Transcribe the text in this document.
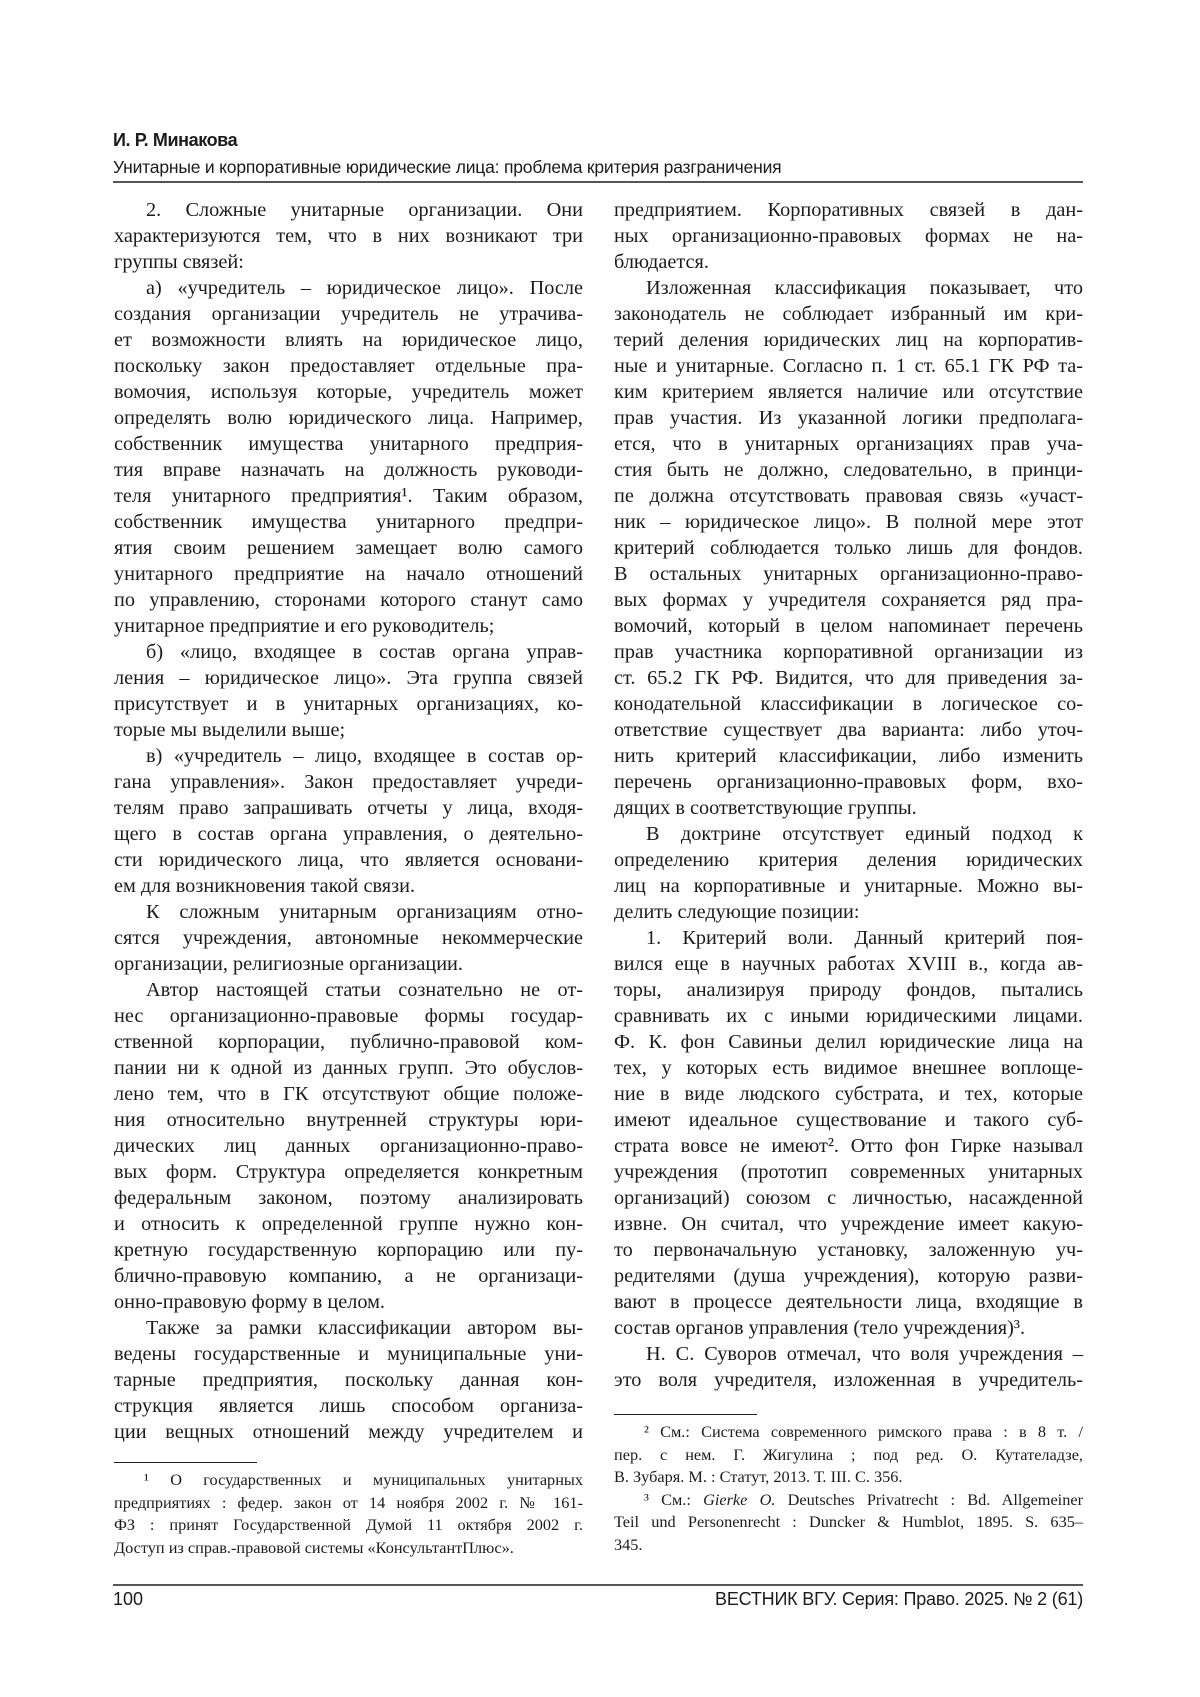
И. Р. Минакова
Унитарные и корпоративные юридические лица: проблема критерия разграничения
2. Сложные унитарные организации. Они
характеризуются тем, что в них возникают три
группы связей:
а) «учредитель – юридическое лицо». После
создания организации учредитель не утрачива-
ет возможности влиять на юридическое лицо,
поскольку закон предоставляет отдельные пра-
вомочия, используя которые, учредитель может
определять волю юридического лица. Например,
собственник имущества унитарного предприя-
тия вправе назначать на должность руководи-
теля унитарного предприятия¹. Таким образом,
собственник имущества унитарного предпри-
ятия своим решением замещает волю самого
унитарного предприятие на начало отношений
по управлению, сторонами которого станут само
унитарное предприятие и его руководитель;
б) «лицо, входящее в состав органа управ-
ления – юридическое лицо». Эта группа связей
присутствует и в унитарных организациях, ко-
торые мы выделили выше;
в) «учредитель – лицо, входящее в состав ор-
гана управления». Закон предоставляет учреди-
телям право запрашивать отчеты у лица, входя-
щего в состав органа управления, о деятельно-
сти юридического лица, что является основани-
ем для возникновения такой связи.
К сложным унитарным организациям отно-
сятся учреждения, автономные некоммерческие
организации, религиозные организации.
Автор настоящей статьи сознательно не от-
нес организационно-правовые формы государ-
ственной корпорации, публично-правовой ком-
пании ни к одной из данных групп. Это обуслов-
лено тем, что в ГК отсутствуют общие положе-
ния относительно внутренней структуры юри-
дических лиц данных организационно-право-
вых форм. Структура определяется конкретным
федеральным законом, поэтому анализировать
и относить к определенной группе нужно кон-
кретную государственную корпорацию или пу-
блично-правовую компанию, а не организаци-
онно-правовую форму в целом.
Также за рамки классификации автором вы-
ведены государственные и муниципальные уни-
тарные предприятия, поскольку данная кон-
струкция является лишь способом организа-
ции вещных отношений между учредителем и
предприятием. Корпоративных связей в дан-
ных организационно-правовых формах не на-
блюдается.
Изложенная классификация показывает, что
законодатель не соблюдает избранный им кри-
терий деления юридических лиц на корпоратив-
ные и унитарные. Согласно п. 1 ст. 65.1 ГК РФ та-
ким критерием является наличие или отсутствие
прав участия. Из указанной логики предполага-
ется, что в унитарных организациях прав уча-
стия быть не должно, следовательно, в принци-
пе должна отсутствовать правовая связь «участ-
ник – юридическое лицо». В полной мере этот
критерий соблюдается только лишь для фондов.
В остальных унитарных организационно-право-
вых формах у учредителя сохраняется ряд пра-
вомочий, который в целом напоминает перечень
прав участника корпоративной организации из
ст. 65.2 ГК РФ. Видится, что для приведения за-
конодательной классификации в логическое со-
ответствие существует два варианта: либо уточ-
нить критерий классификации, либо изменить
перечень организационно-правовых форм, вхо-
дящих в соответствующие группы.
В доктрине отсутствует единый подход к
определению критерия деления юридических
лиц на корпоративные и унитарные. Можно вы-
делить следующие позиции:
1. Критерий воли. Данный критерий поя-
вился еще в научных работах XVIII в., когда ав-
торы, анализируя природу фондов, пытались
сравнивать их с иными юридическими лицами.
Ф. К. фон Савиньи делил юридические лица на
тех, у которых есть видимое внешнее воплоще-
ние в виде людского субстрата, и тех, которые
имеют идеальное существование и такого суб-
страта вовсе не имеют². Отто фон Гирке называл
учреждения (прототип современных унитарных
организаций) союзом с личностью, насажденной
извне. Он считал, что учреждение имеет какую-
то первоначальную установку, заложенную уч-
редителями (душа учреждения), которую разви-
вают в процессе деятельности лица, входящие в
состав органов управления (тело учреждения)³.
Н. С. Суворов отмечал, что воля учреждения –
это воля учредителя, изложенная в учредитель-
¹ О государственных и муниципальных унитарных
предприятиях : федер. закон от 14 ноября 2002 г. № 161-
ФЗ : принят Государственной Думой 11 октября 2002 г.
Доступ из справ.-правовой системы «КонсультантПлюс».
² См.: Система современного римского права : в 8 т. /
пер. с нем. Г. Жигулина ; под ред. О. Кутателадзе,
В. Зубаря. М. : Статут, 2013. Т. III. С. 356.
³ См.: Gierke O. Deutsches Privatrecht : Bd. Allgemeiner
Teil und Personenrecht : Duncker & Humblot, 1895. S. 635–
345.
100	ВЕСТНИК ВГУ. Серия: Право. 2025. № 2 (61)
